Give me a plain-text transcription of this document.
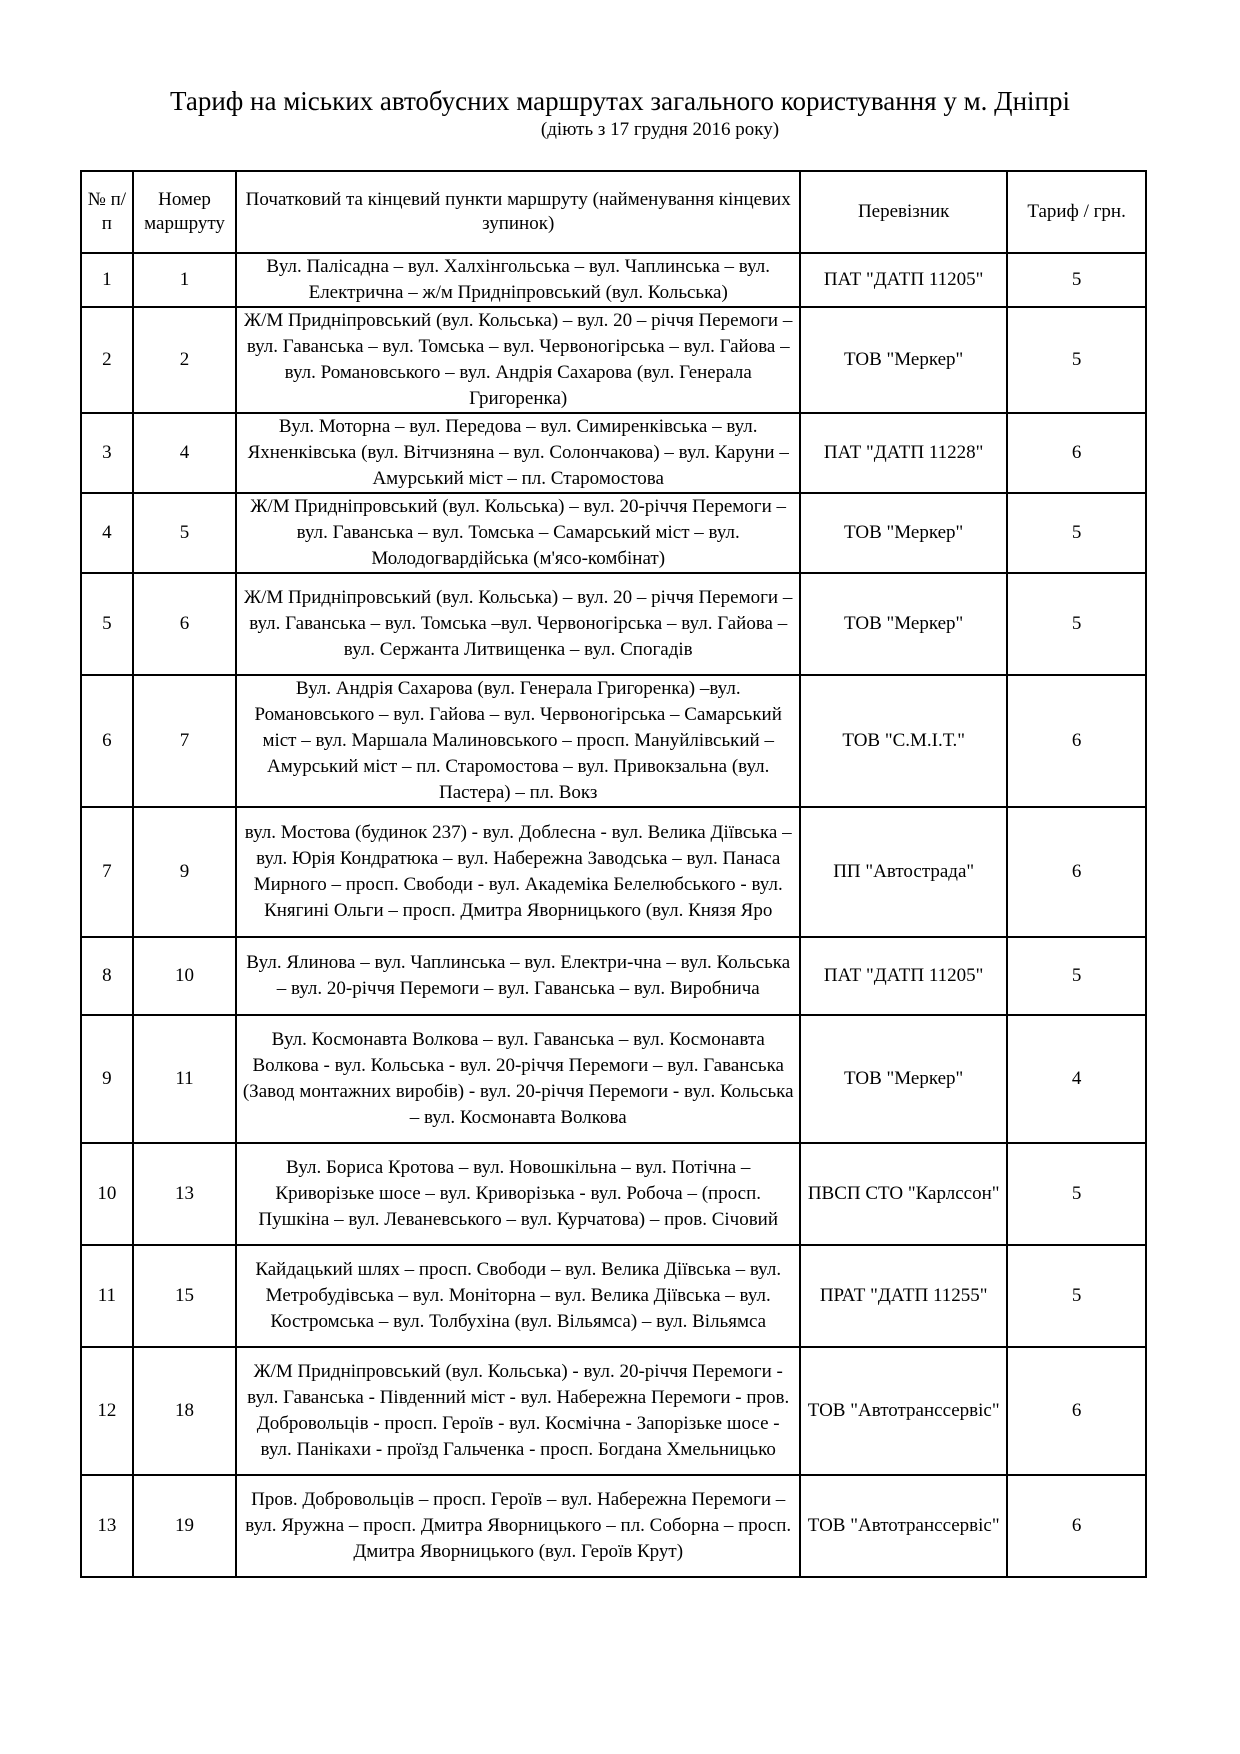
Тариф на міських автобусних маршрутах загального користування у м. Дніпрі
(діють з 17 грудня 2016 року)
№ п/п	Номер маршруту	Початковий та кінцевий пункти маршруту (найменування кінцевих зупинок)	Перевізник	Тариф / грн.
1	1	Вул. Палісадна – вул. Халхінгольська – вул. Чаплинська – вул. Електрична – ж/м Придніпровський (вул. Кольська)	ПАТ "ДАТП 11205"	5
2	2	Ж/М Придніпровський (вул. Кольська) – вул. 20 – річчя Перемоги – вул. Гаванська – вул. Томська – вул. Червоногірська – вул. Гайова – вул. Романовського – вул. Андрія Сахарова (вул. Генерала Григоренка)	ТОВ "Меркер"	5
3	4	Вул. Моторна – вул. Передова – вул. Симиренківська – вул. Яхненківська (вул. Вітчизняна – вул. Солончакова) – вул. Каруни – Амурський міст – пл. Старомостова	ПАТ "ДАТП 11228"	6
4	5	Ж/М Придніпровський (вул. Кольська) – вул. 20-річчя Перемоги – вул. Гаванська – вул. Томська – Самарський міст – вул. Молодогвардійська (м'ясо-комбінат)	ТОВ "Меркер"	5
5	6	Ж/М Придніпровський (вул. Кольська) – вул. 20 – річчя Перемоги – вул. Гаванська – вул. Томська –вул. Червоногірська – вул. Гайова – вул. Сержанта Литвищенка – вул. Спогадів	ТОВ "Меркер"	5
6	7	Вул. Андрія Сахарова (вул. Генерала Григоренка) –вул. Романовського – вул. Гайова – вул. Червоногірська – Самарський міст – вул. Маршала Малиновського – просп. Мануйлівський – Амурський міст – пл. Старомостова – вул. Привокзальна (вул. Пастера) – пл. Вокз	ТОВ "С.М.І.Т."	6
7	9	вул. Мостова (будинок 237) - вул. Доблесна - вул. Велика Діївська – вул. Юрія Кондратюка – вул. Набережна Заводська – вул. Панаса Мирного – просп. Свободи - вул. Академіка Белелюбського - вул. Княгині Ольги – просп. Дмитра Яворницького (вул. Князя Яро	ПП "Автострада"	6
8	10	Вул. Ялинова – вул. Чаплинська – вул. Електри-чна – вул. Кольська – вул. 20-річчя Перемоги – вул. Гаванська – вул. Виробнича	ПАТ "ДАТП 11205"	5
9	11	Вул. Космонавта Волкова – вул. Гаванська – вул. Космонавта Волкова - вул. Кольська - вул. 20-річчя Перемоги – вул. Гаванська (Завод монтажних виробів) - вул. 20-річчя Перемоги - вул. Кольська – вул. Космонавта Волкова	ТОВ "Меркер"	4
10	13	Вул. Бориса Кротова – вул. Новошкільна – вул. Потічна – Криворізьке шосе – вул. Криворізька - вул. Робоча – (просп. Пушкіна – вул. Леваневського – вул. Курчатова) – пров. Січовий	ПВСП СТО "Карлссон"	5
11	15	Кайдацький шлях – просп. Свободи – вул. Велика Діївська – вул. Метробудівська – вул. Моніторна – вул. Велика Діївська – вул. Костромська – вул. Толбухіна (вул. Вільямса) – вул. Вільямса	ПРАТ "ДАТП 11255"	5
12	18	Ж/М Придніпровський (вул. Кольська) - вул. 20-річчя Перемоги - вул. Гаванська - Південний міст - вул. Набережна Перемоги - пров. Добровольців - просп. Героїв - вул. Космічна - Запорізьке шосе - вул. Панікахи - проїзд Гальченка - просп. Богдана Хмельницько	ТОВ "Автотранссервіс"	6
13	19	Пров. Добровольців – просп. Героїв – вул. Набережна Перемоги – вул. Яружна – просп. Дмитра Яворницького – пл. Соборна – просп. Дмитра Яворницького (вул. Героїв Крут)	ТОВ "Автотранссервіс"	6
